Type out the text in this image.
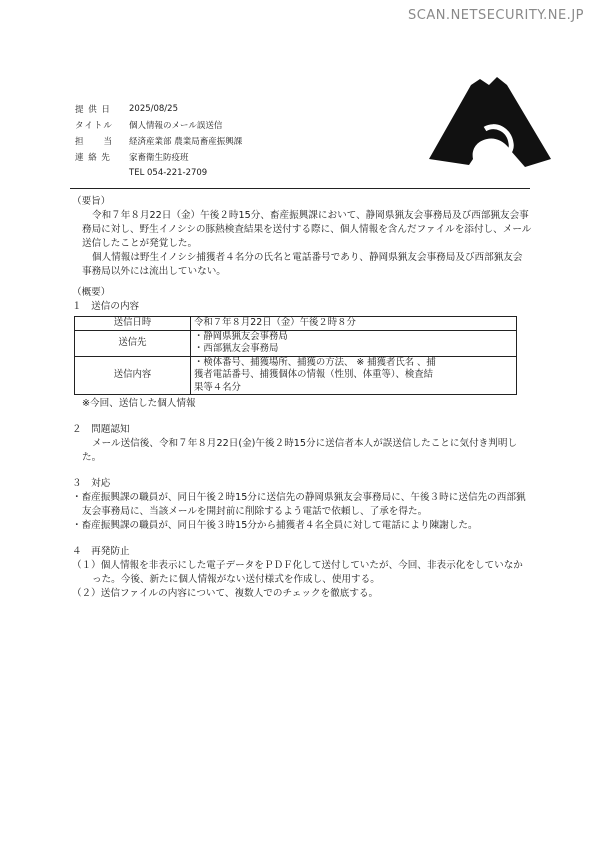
SCAN.NETSECURITY.NE.JP
提 供 日	2025/08/25
タイトル	個人情報のメール誤送信
担　　当	経済産業部 農業局畜産振興課
連 絡 先	家畜衛生防疫班
TEL 054-221-2709

（要旨）

令和７年８月22日（金）午後２時15分、畜産振興課において、静岡県猟友会事務局及び西部猟友会事務局に対し、野生イノシシの豚熱検査結果を送付する際に、個人情報を含んだファイルを添付し、メール送信したことが発覚した。

個人情報は野生イノシシ捕獲者４名分の氏名と電話番号であり、静岡県猟友会事務局及び西部猟友会事務局以外には流出していない。

（概要）

１　送信の内容

送信日時	令和７年８月22日（金）午後２時８分

送信先	・静岡県猟友会事務局
・西部猟友会事務局

送信内容	・検体番号、捕獲場所、捕獲の方法、 ※ 捕獲者氏名 、捕
獲者電話番号、捕獲個体の情報（性別、体重等）、検査結
果等４名分

※今回、送信した個人情報

２　問題認知

メール送信後、令和７年８月22日(金)午後２時15分に送信者本人が誤送信したことに気付き判明した。

３　対応

・畜産振興課の職員が、同日午後２時15分に送信先の静岡県猟友会事務局に、午後３時に送信先の西部猟友会事務局に、当該メールを開封前に削除するよう電話で依頼し、了承を得た。

・畜産振興課の職員が、同日午後３時15分から捕獲者４名全員に対して電話により陳謝した。

４　再発防止

（１）個人情報を非表示にした電子データをＰＤＦ化して送付していたが、今回、非表示化をしていなかった。今後、新たに個人情報がない送付様式を作成し、使用する。

（２）送信ファイルの内容について、複数人でのチェックを徹底する。
